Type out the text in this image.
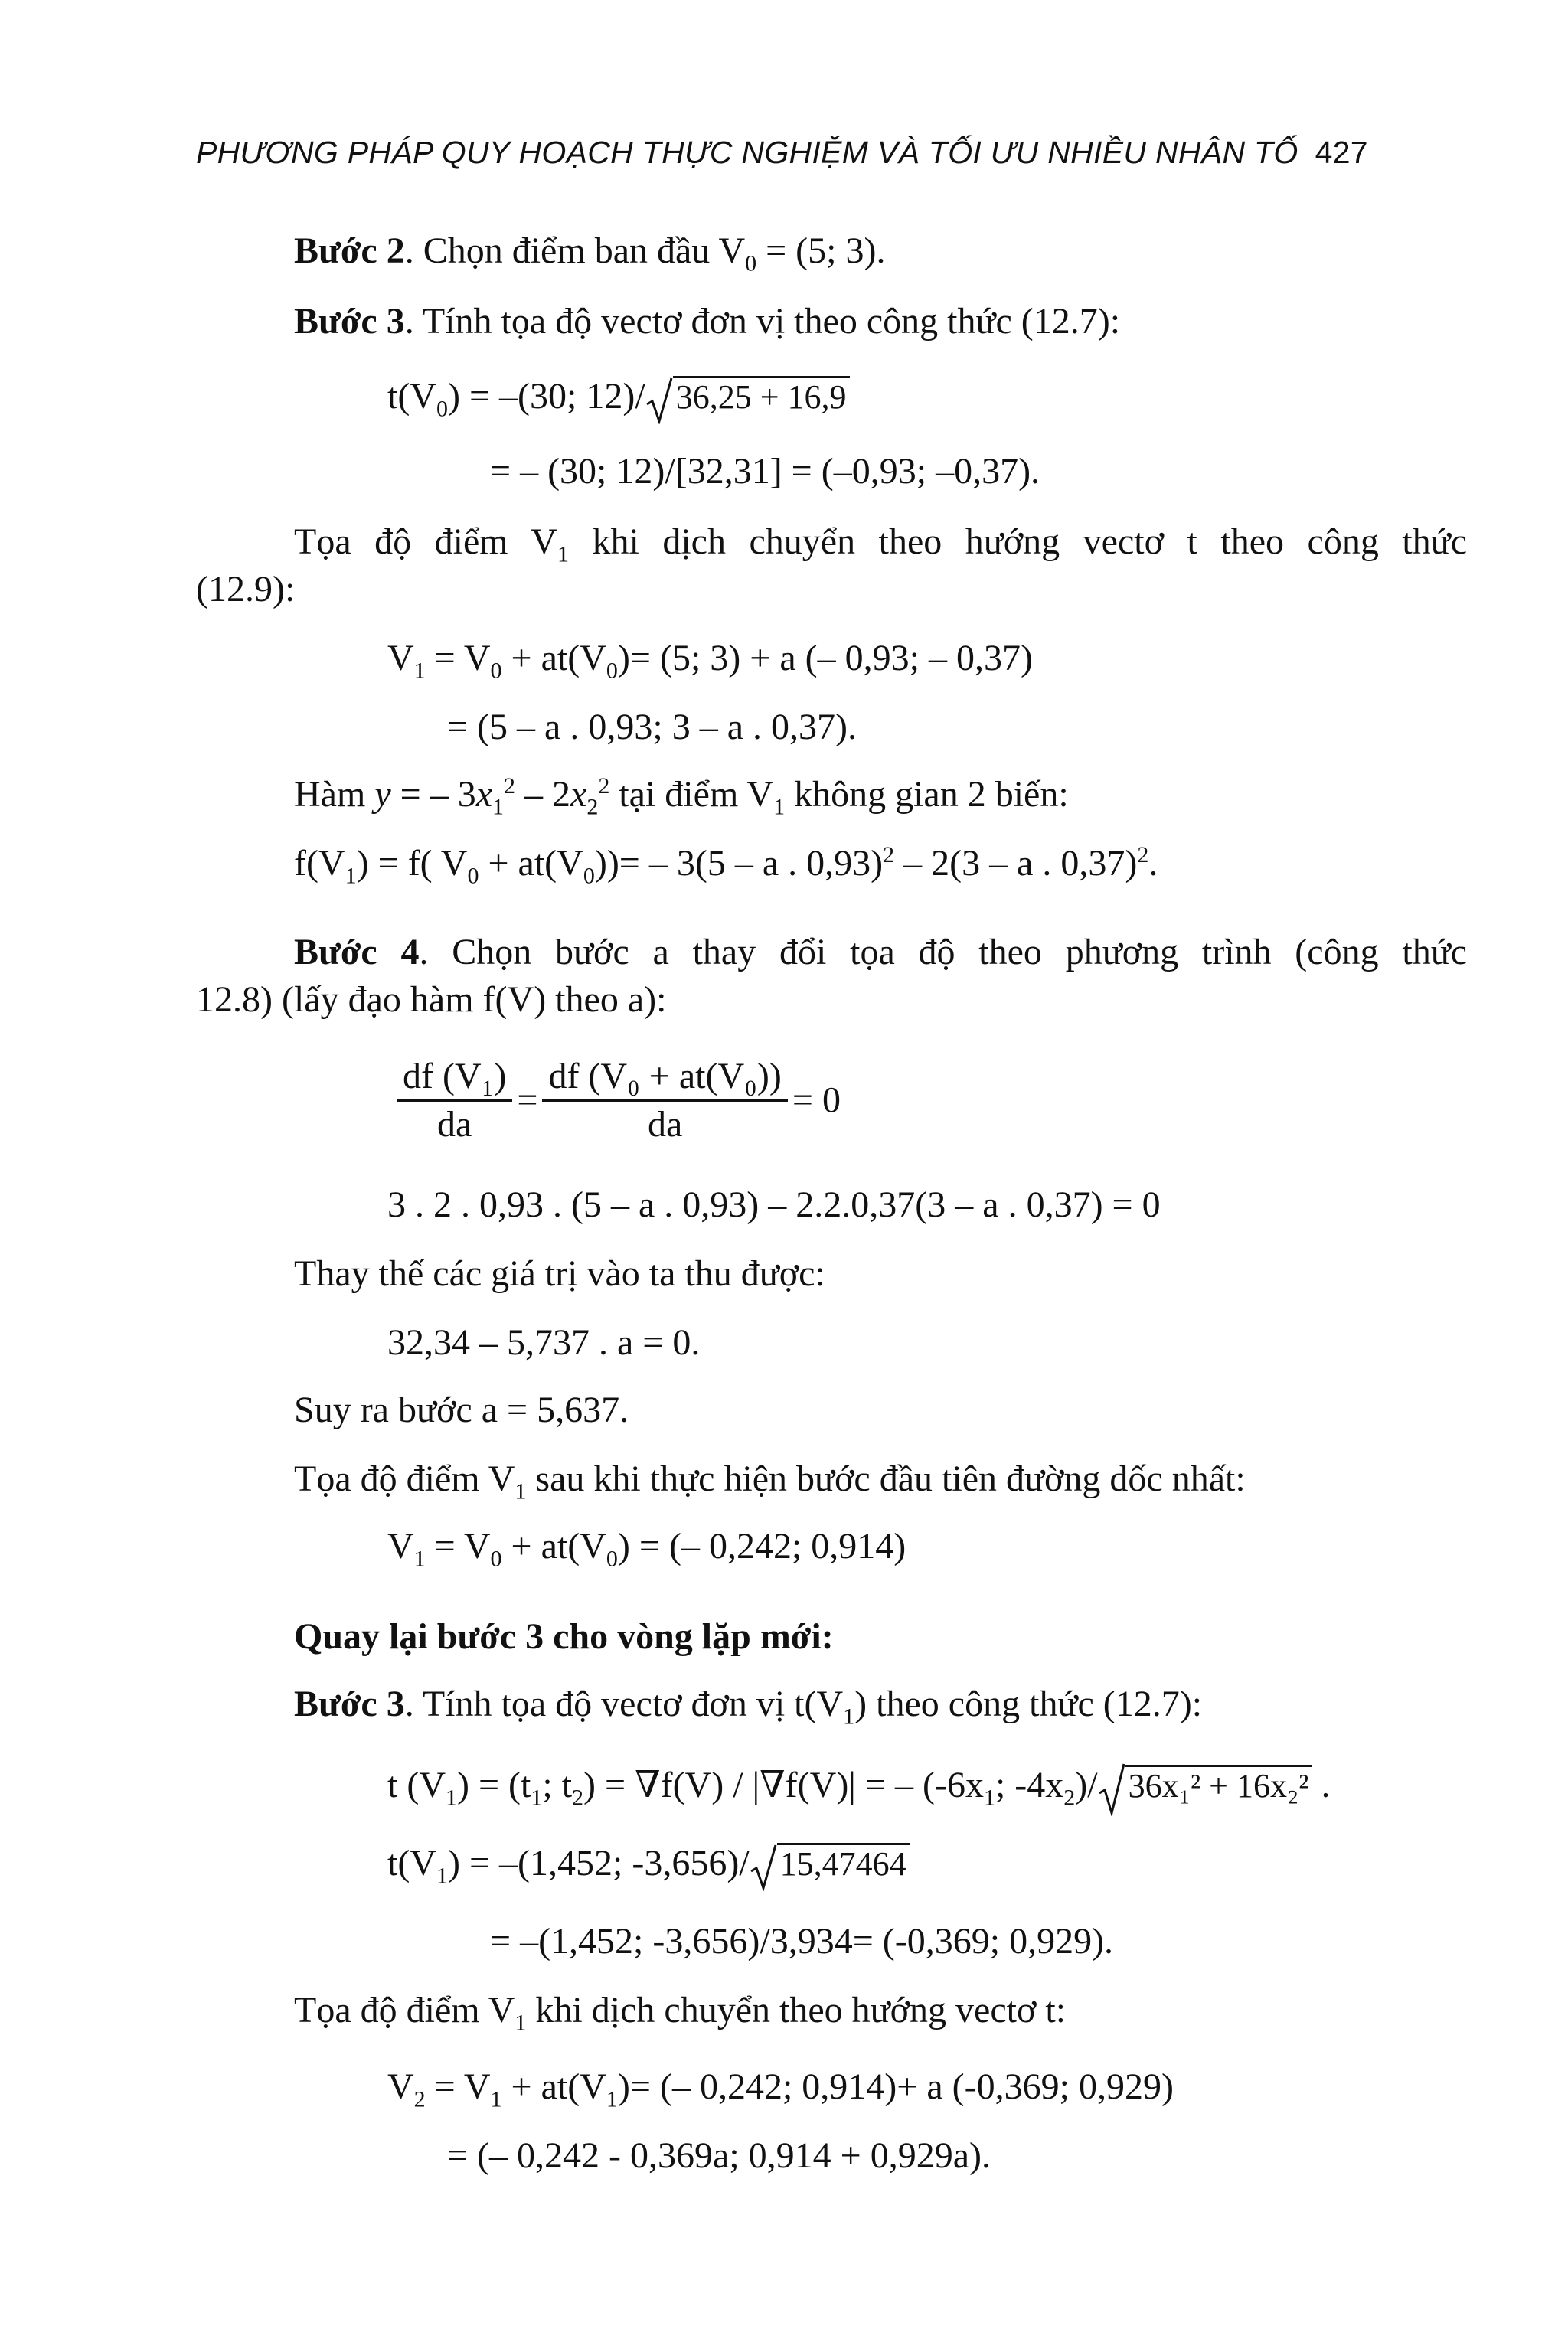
PHƯƠNG PHÁP QUY HOẠCH THỰC NGHIỆM VÀ TỐI ƯU NHIỀU NHÂN TỐ 427
Bước 2. Chọn điểm ban đầu $V_0 = (5$; 3).
Bước 3. Tính tọa độ vectơ đơn vị theo công thức (12.7):
$t(V_0) = -(30$; 12)/ 36,25 + 16,9
= – (30; 12)/[32,31] = (–0,93; –0,37).
Tọa độ điểm $V_1$ khi dịch chuyển theo hướng vectơ t theo công thức
(12.9):
$V_1 = V_0 + at(V_0)= (5$; 3) + a (– 0,93; – 0,37)
= (5 – a . 0,93; 3 – a . 0,37).
Hàm y = – $3x_1^2 - 2x_2^2$ tại điểm $V_1$ không gian 2 biến:
$f(V_1) = f$( $V_0 + at(V_0))= - 3(5 - a$ . 0,93)$^2$ – 2(3 – a . 0,37)$^2$.
Bước 4. Chọn bước a thay đổi tọa độ theo phương trình (công thức
12.8) (lấy đạo hàm f(V) theo a):
$\frac{\text{df (V₁)}}{da} = \frac{\text{df (V₀ + at(V₀))}}{da} = 0$
3 . 2 . 0,93 . (5 – a . 0,93) – 2.2.0,37(3 – a . 0,37) = 0
Thay thế các giá trị vào ta thu được:
32,34 – 5,737 . a = 0.
Suy ra bước a = 5,637.
Tọa độ điểm $V_1$ sau khi thực hiện bước đầu tiên đường dốc nhất:
$V_1 = V_0 + at(V_0)$ = (– 0,242; 0,914)
Quay lại bước 3 cho vòng lặp mới:
Bước 3. Tính tọa độ vectơ đơn vị $t(V_1)$ theo công thức (12.7):
t $(V_1) = (t_1$; $t_2) = \nabla f(V) / |\nabla f(V)|$ = – ($-6x_1$; $-4x_2)/$ 36x₁² + 16x₂² .
$t(V_1) = -(1,452$; -3,656)/ 15,47464
= –(1,452; -3,656)/3,934= (-0,369; 0,929).
Tọa độ điểm $V_1$ khi dịch chuyển theo hướng vectơ t:
$V_2 = V_1 + at(V_1)=$ (– 0,242; 0,914)+ a (-0,369; 0,929)
= (– 0,242 - 0,369a; 0,914 + 0,929a).
